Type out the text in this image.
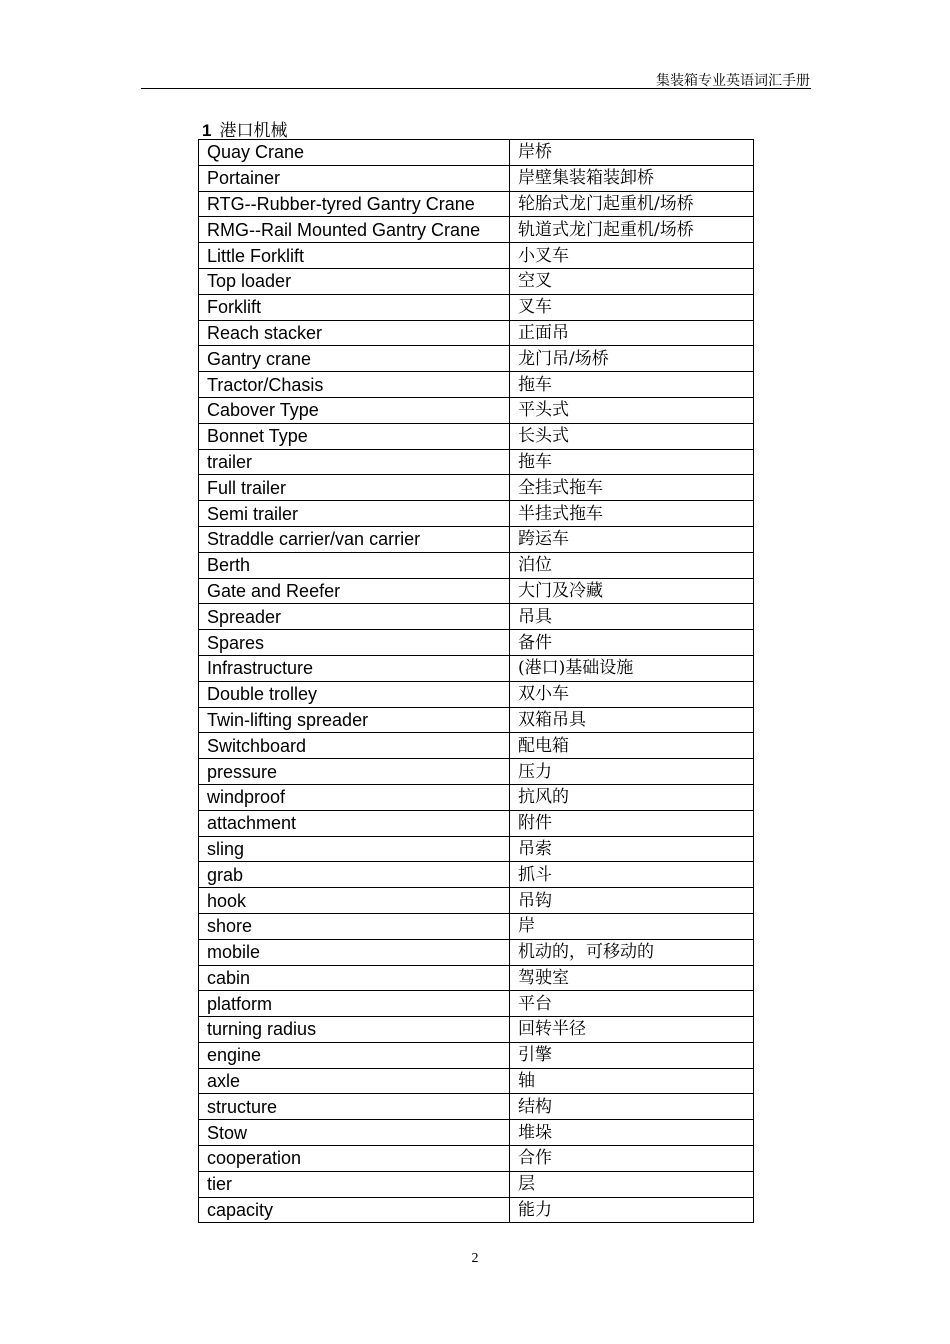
集装箱专业英语词汇手册
1 港口机械
Quay Crane	岸桥
Portainer	岸壁集装箱装卸桥
RTG--Rubber-tyred Gantry Crane	轮胎式龙门起重机/场桥
RMG--Rail Mounted Gantry Crane	轨道式龙门起重机/场桥
Little Forklift	小叉车
Top loader	空叉
Forklift	叉车
Reach stacker	正面吊
Gantry crane	龙门吊/场桥
Tractor/Chasis	拖车
Cabover Type	平头式
Bonnet Type	长头式
trailer	拖车
Full trailer	全挂式拖车
Semi trailer	半挂式拖车
Straddle carrier/van carrier	跨运车
Berth	泊位
Gate and Reefer	大门及冷藏
Spreader	吊具
Spares	备件
Infrastructure	(港口)基础设施
Double trolley	双小车
Twin-lifting spreader	双箱吊具
Switchboard	配电箱
pressure	压力
windproof	抗风的
attachment	附件
sling	吊索
grab	抓斗
hook	吊钩
shore	岸
mobile	机动的，可移动的
cabin	驾驶室
platform	平台
turning radius	回转半径
engine	引擎
axle	轴
structure	结构
Stow	堆垛
cooperation	合作
tier	层
capacity	能力
2
